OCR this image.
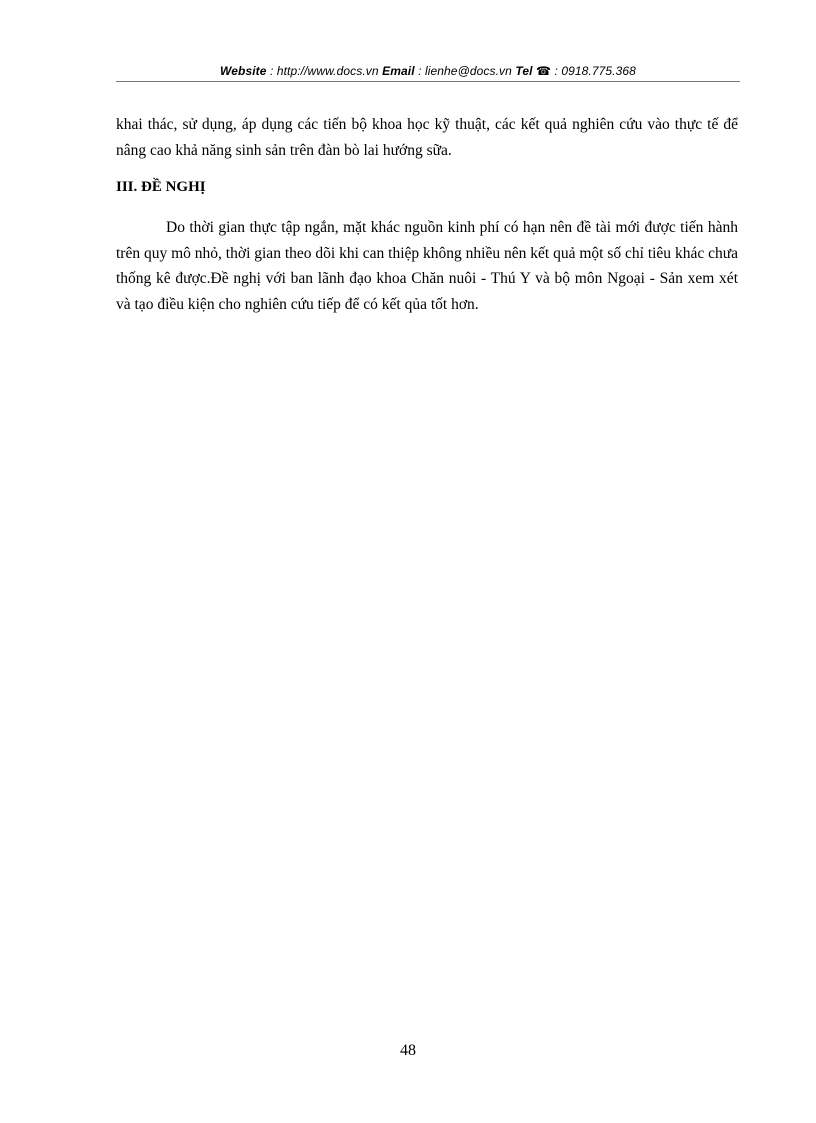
Website : http://www.docs.vn Email : lienhe@docs.vn Tel ☎ : 0918.775.368
khai thác, sử dụng, áp dụng các tiến bộ khoa học kỹ thuật, các kết quả nghiên cứu vào thực tế để nâng cao khả năng sinh sản trên đàn bò lai hướng sữa.
III. ĐỀ NGHỊ
Do thời gian thực tập ngắn, mặt khác nguồn kinh phí có hạn nên đề tài mới được tiến hành trên quy mô nhỏ, thời gian theo dõi khi can thiệp không nhiều nên kết quả một số chỉ tiêu khác chưa thống kê được.Đề nghị với ban lãnh đạo khoa Chăn nuôi - Thú Y và bộ môn Ngoại - Sản xem xét và tạo điều kiện cho nghiên cứu tiếp để có kết qủa tốt hơn.
48
